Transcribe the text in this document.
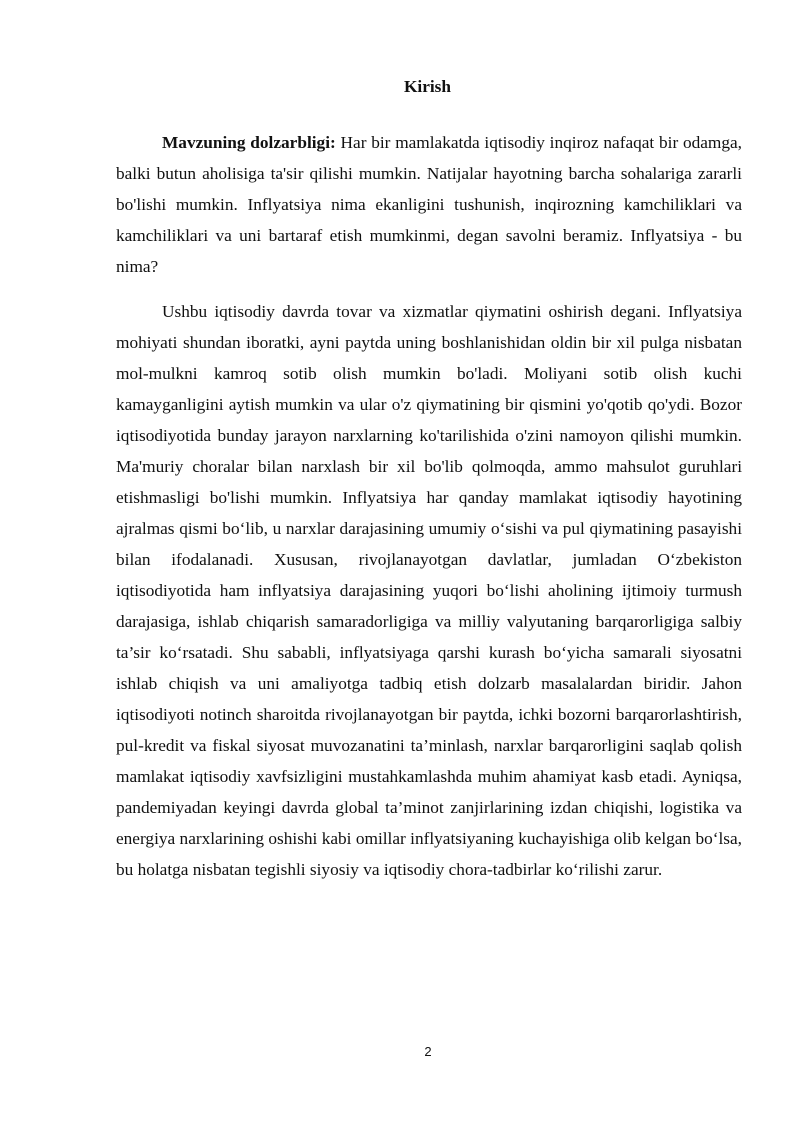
Kirish

Mavzuning dolzarbligi: Har bir mamlakatda iqtisodiy inqiroz nafaqat bir odamga, balki butun aholisiga ta'sir qilishi mumkin. Natijalar hayotning barcha sohalariga zararli bo'lishi mumkin. Inflyatsiya nima ekanligini tushunish, inqirozning kamchiliklari va kamchiliklari va uni bartaraf etish mumkinmi, degan savolni beramiz. Inflyatsiya - bu nima?

Ushbu iqtisodiy davrda tovar va xizmatlar qiymatini oshirish degani. Inflyatsiya mohiyati shundan iboratki, ayni paytda uning boshlanishidan oldin bir xil pulga nisbatan mol-mulkni kamroq sotib olish mumkin bo'ladi. Moliyani sotib olish kuchi kamayganligini aytish mumkin va ular o'z qiymatining bir qismini yo'qotib qo'ydi. Bozor iqtisodiyotida bunday jarayon narxlarning ko'tarilishida o'zini namoyon qilishi mumkin. Ma'muriy choralar bilan narxlash bir xil bo'lib qolmoqda, ammo mahsulot guruhlari etishmasligi bo'lishi mumkin. Inflyatsiya har qanday mamlakat iqtisodiy hayotining ajralmas qismi bo‘lib, u narxlar darajasining umumiy o‘sishi va pul qiymatining pasayishi bilan ifodalanadi. Xususan, rivojlanayotgan davlatlar, jumladan O‘zbekiston iqtisodiyotida ham inflyatsiya darajasining yuqori bo‘lishi aholining ijtimoiy turmush darajasiga, ishlab chiqarish samaradorligiga va milliy valyutaning barqarorligiga salbiy ta’sir ko‘rsatadi. Shu sababli, inflyatsiyaga qarshi kurash bo‘yicha samarali siyosatni ishlab chiqish va uni amaliyotga tadbiq etish dolzarb masalalardan biridir. Jahon iqtisodiyoti notinch sharoitda rivojlanayotgan bir paytda, ichki bozorni barqarorlashtirish, pul-kredit va fiskal siyosat muvozanatini ta’minlash, narxlar barqarorligini saqlab qolish mamlakat iqtisodiy xavfsizligini mustahkamlashda muhim ahamiyat kasb etadi. Ayniqsa, pandemiyadan keyingi davrda global ta’minot zanjirlarining izdan chiqishi, logistika va energiya narxlarining oshishi kabi omillar inflyatsiyaning kuchayishiga olib kelgan bo‘lsa, bu holatga nisbatan tegishli siyosiy va iqtisodiy chora-tadbirlar ko‘rilishi zarur.

2
